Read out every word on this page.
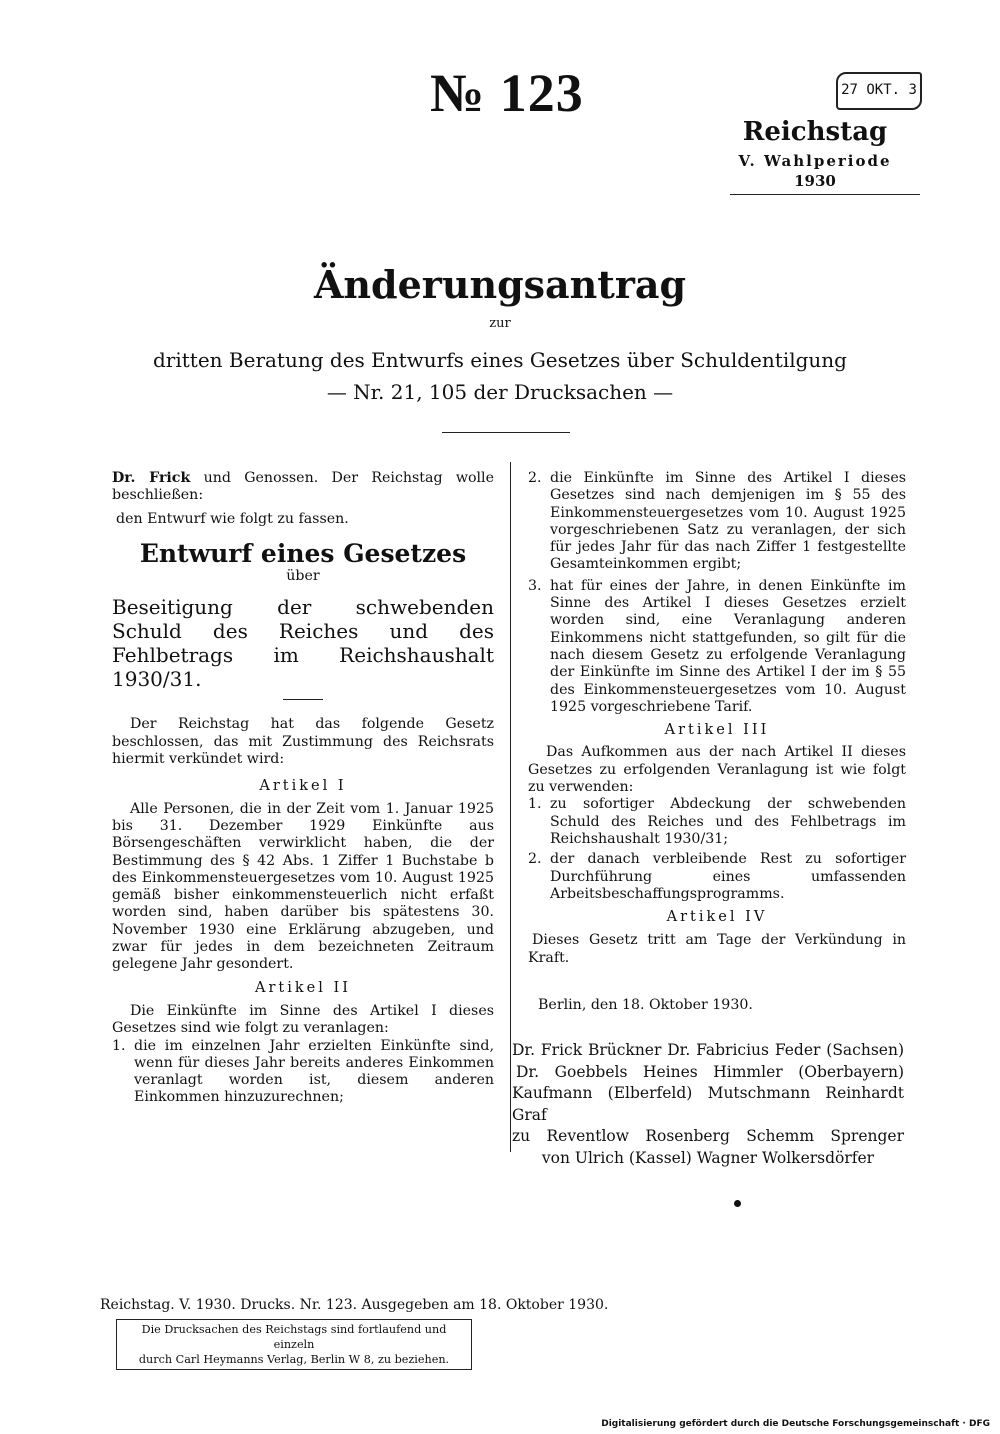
№ 123	27 OKT. 3
Reichstag
V. Wahlperiode
1930
Änderungsantrag
zur
dritten Beratung des Entwurfs eines Gesetzes über Schuldentilgung
— Nr. 21, 105 der Drucksachen —
Dr. Frick und Genossen. Der Reichstag wolle beschließen:
den Entwurf wie folgt zu fassen.
Entwurf eines Gesetzes
über
Beseitigung der schwebenden Schuld des Reiches und des Fehlbetrags im Reichshaushalt 1930/31.
Der Reichstag hat das folgende Gesetz beschlossen, das mit Zustimmung des Reichsrats hiermit verkündet wird:
Artikel I
Alle Personen, die in der Zeit vom 1. Januar 1925 bis 31. Dezember 1929 Einkünfte aus Börsengeschäften verwirklicht haben, die der Bestimmung des § 42 Abs. 1 Ziffer 1 Buchstabe b des Einkommensteuergesetzes vom 10. August 1925 gemäß bisher einkommensteuerlich nicht erfaßt worden sind, haben darüber bis spätestens 30. November 1930 eine Erklärung abzugeben, und zwar für jedes in dem bezeichneten Zeitraum gelegene Jahr gesondert.
Artikel II
Die Einkünfte im Sinne des Artikel I dieses Gesetzes sind wie folgt zu veranlagen:
1. die im einzelnen Jahr erzielten Einkünfte sind, wenn für dieses Jahr bereits anderes Einkommen veranlagt worden ist, diesem anderen Einkommen hinzuzurechnen;
2. die Einkünfte im Sinne des Artikel I dieses Gesetzes sind nach demjenigen im § 55 des Einkommensteuergesetzes vom 10. August 1925 vorgeschriebenen Satz zu veranlagen, der sich für jedes Jahr für das nach Ziffer 1 festgestellte Gesamteinkommen ergibt;
3. hat für eines der Jahre, in denen Einkünfte im Sinne des Artikel I dieses Gesetzes erzielt worden sind, eine Veranlagung anderen Einkommens nicht stattgefunden, so gilt für die nach diesem Gesetz zu erfolgende Veranlagung der Einkünfte im Sinne des Artikel I der im § 55 des Einkommensteuergesetzes vom 10. August 1925 vorgeschriebene Tarif.
Artikel III
Das Aufkommen aus der nach Artikel II dieses Gesetzes zu erfolgenden Veranlagung ist wie folgt zu verwenden:
1. zu sofortiger Abdeckung der schwebenden Schuld des Reiches und des Fehlbetrags im Reichshaushalt 1930/31;
2. der danach verbleibende Rest zu sofortiger Durchführung eines umfassenden Arbeitsbeschaffungsprogramms.
Artikel IV
Dieses Gesetz tritt am Tage der Verkündung in Kraft.
Berlin, den 18. Oktober 1930.
Dr. Frick Brückner Dr. Fabricius Feder (Sachsen)
Dr. Goebbels Heines Himmler (Oberbayern)
Kaufmann (Elberfeld) Mutschmann Reinhardt Graf
zu Reventlow Rosenberg Schemm Sprenger
von Ulrich (Kassel) Wagner Wolkersdörfer
Reichstag. V. 1930. Drucks. Nr. 123. Ausgegeben am 18. Oktober 1930.
Die Drucksachen des Reichstags sind fortlaufend und einzeln
durch Carl Heymanns Verlag, Berlin W 8, zu beziehen.
Digitalisierung gefördert durch die Deutsche Forschungsgemeinschaft · DFG
